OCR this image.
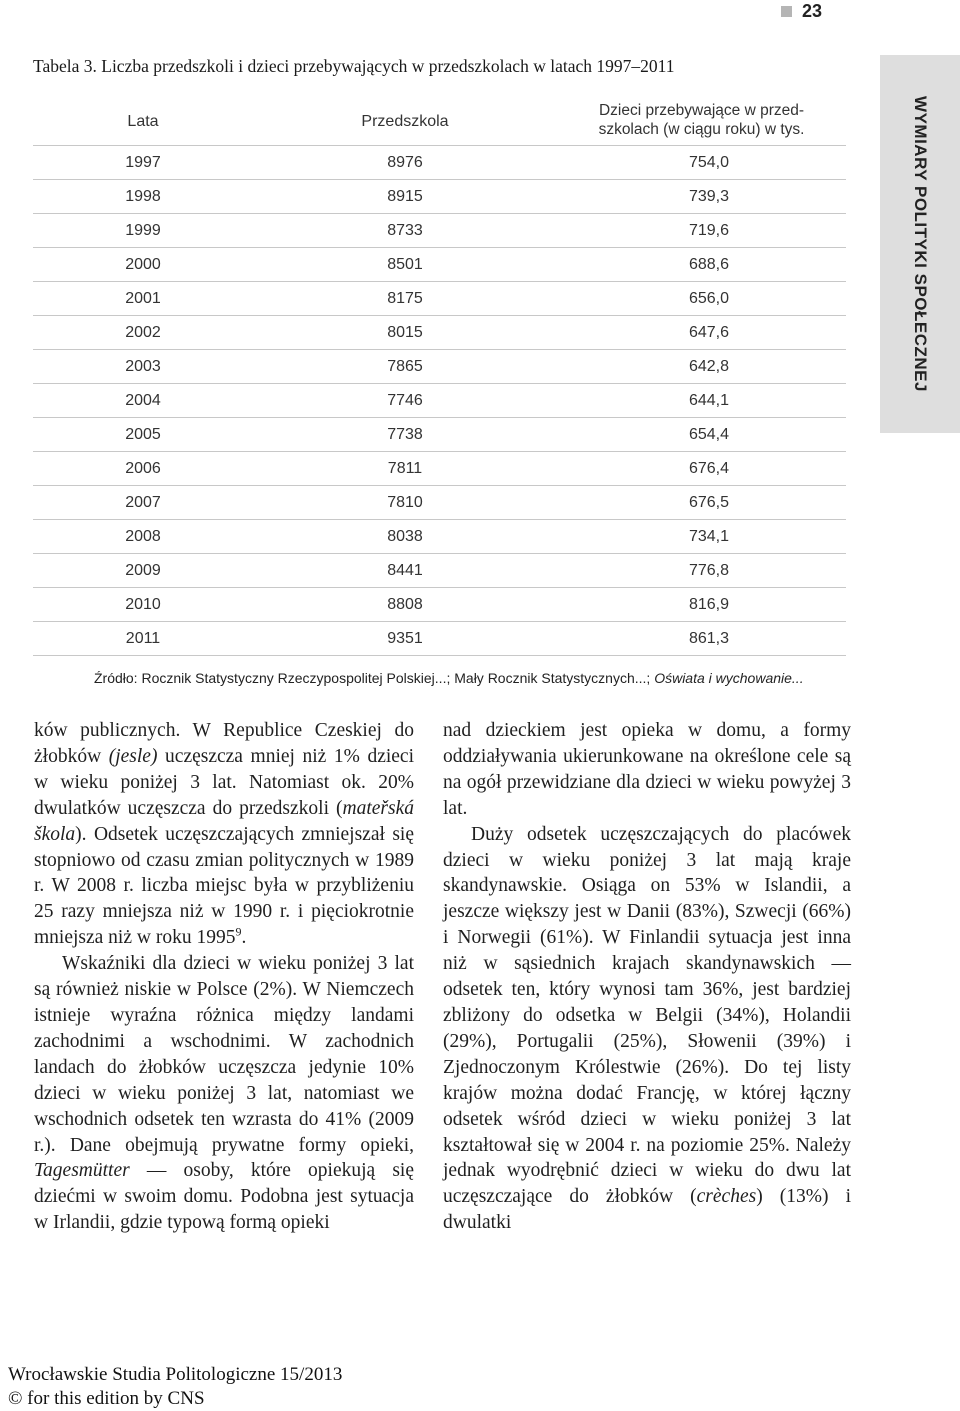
23
WYMIARY POLITYKI SPOŁECZNEJ
Tabela 3. Liczba przedszkoli i dzieci przebywających w przedszkolach w latach 1997–2011
Lata	Przedszkola	Dzieci przebywające w przed-
szkolach (w ciągu roku) w tys.
1997	8976	754,0
1998	8915	739,3
1999	8733	719,6
2000	8501	688,6
2001	8175	656,0
2002	8015	647,6
2003	7865	642,8
2004	7746	644,1
2005	7738	654,4
2006	7811	676,4
2007	7810	676,5
2008	8038	734,1
2009	8441	776,8
2010	8808	816,9
2011	9351	861,3
Źródło: Rocznik Statystyczny Rzeczypospolitej Polskiej...; Mały Rocznik Statystycznych...; Oświata i wychowanie...

ków publicznych. W Republice Czeskiej do żłobków (jesle) uczęszcza mniej niż 1% dzieci w wieku poniżej 3 lat. Natomiast ok. 20% dwulatków uczęszcza do przedszkoli (mateřská škola). Odsetek uczęszczających zmniejszał się stopniowo od czasu zmian politycznych w 1989 r. W 2008 r. liczba miejsc była w przybliżeniu 25 razy mniejsza niż w 1990 r. i pięciokrotnie mniejsza niż w roku 1995$^9$.

Wskaźniki dla dzieci w wieku poniżej 3 lat są również niskie w Polsce (2%). W Niemczech istnieje wyraźna różnica między landami zachodnimi a wschodnimi. W zachodnich landach do żłobków uczęszcza jedynie 10% dzieci w wieku poniżej 3 lat, natomiast we wschodnich odsetek ten wzrasta do 41% (2009 r.). Dane obejmują prywatne formy opieki, Tagesmütter — osoby, które opiekują się dziećmi w swoim domu. Podobna jest sytuacja w Irlandii, gdzie typową formą opieki

nad dzieckiem jest opieka w domu, a formy oddziaływania ukierunkowane na określone cele są na ogół przewidziane dla dzieci w wieku powyżej 3 lat.

Duży odsetek uczęszczających do placówek dzieci w wieku poniżej 3 lat mają kraje skandynawskie. Osiąga on 53% w Islandii, a jeszcze większy jest w Danii (83%), Szwecji (66%) i Norwegii (61%). W Finlandii sytuacja jest inna niż w sąsiednich krajach skandynawskich — odsetek ten, który wynosi tam 36%, jest bardziej zbliżony do odsetka w Belgii (34%), Holandii (29%), Portugalii (25%), Słowenii (39%) i Zjednoczonym Królestwie (26%). Do tej listy krajów można dodać Francję, w której łączny odsetek wśród dzieci w wieku poniżej 3 lat kształtował się w 2004 r. na poziomie 25%. Należy jednak wyodrębnić dzieci w wieku do dwu lat uczęszczające do żłobków (crèches) (13%) i dwulatki

Wrocławskie Studia Politologiczne 15/2013
© for this edition by CNS
